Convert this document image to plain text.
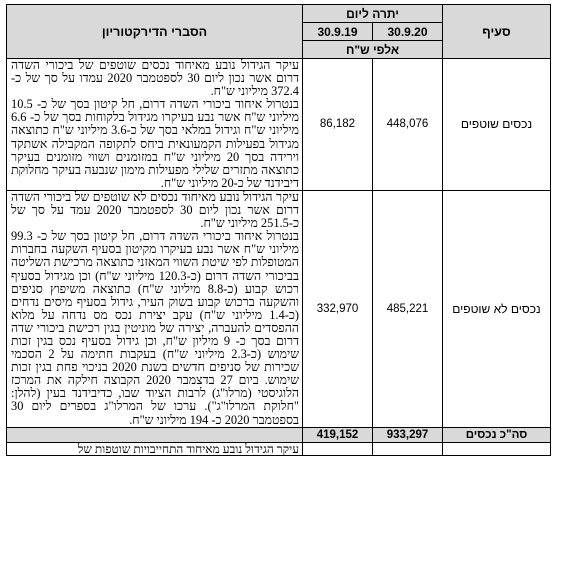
סעיף	יתרה ליום		הסברי הדירקטוריון
	30.9.20	30.9.19	
	אלפי ש"ח		
נכסים שוטפים	448,076	86,182	עיקר הגידול נובע מאיחוד נכסים שוטפים של ביכורי השדה דרום אשר נכון ליום 30 לספטמבר 2020 עמדו על סך של כ- 372.4 מיליוני ש"ח.

בנטרול איחוד ביכורי השדה דרום, חל קיטון בסך של כ- 10.5 מיליוני ש"ח אשר נבע בעיקרו מגידול בלקוחות בסך של כ- 6.6 מיליוני ש"ח וגידול במלאי בסך של כ-3.6 מיליוני ש"ח כתוצאה מגידול בפעילות הקמעונאית ביחס לתקופה המקבילה אשתקד וירידה בסך 20 מיליוני ש"ח במזומנים ושווי מזומנים בעיקר כתוצאה מתזרים שלילי מפעילות מימון שנבעה בעיקר מחלוקת דיבידנד של כ-20 מיליוני ש"ח.

נכסים לא שוטפים	485,221	332,970	עיקר הגידול נובע מאיחוד נכסים לא שוטפים של ביכורי השדה דרום אשר נכון ליום 30 לספטמבר 2020 עמד על סך של כ-251.5 מיליוני ש"ח.

בנטרול איחוד ביכורי השדה דרום, חל קיטון בסך של כ- 99.3 מיליוני ש"ח אשר נבע בעיקרו מקיטון בסעיף השקעה בחברות המטופלות לפי שיטת השווי המאזני כתוצאה מרכישת השליטה בביכורי השדה דרום (כ-120.3 מיליוני ש"ח) וכן מגידול בסעיף רכוש קבוע (כ-8.8 מיליוני ש"ח) כתוצאה משיפוץ סניפים והשקעה ברכוש קבוע בשוק העיר, גידול בסעיף מיסים נדחים (כ-1.4 מיליוני ש"ח) עקב יצירת נכס מס נדחה על מלוא ההפסדים להעברה, יצירה של מוניטין בגין רכישת ביכורי שדה דרום בסך כ- 9 מיליון ש"ח, וכן גידול בסעיף נכס בגין זכות שימוש (כ-2.3 מיליוני ש"ח) בעקבות חתימה על 2 הסכמי שכירות של סניפים חדשים בשנת 2020 בניכוי פחת בגין זכות שימוש. ביום 27 בדצמבר 2020 הקבוצה חילקה את המרכז הלוגיסטי (מרלו"ג) לרבות הציוד שבו, כדיבידנד בעין (להלן: "חלוקת המרלו"ג"). ערכו של המרלו"ג בספרים ליום 30 בספטמבר 2020 כ- 194 מיליוני ש"ח.

סה"כ נכסים	933,297	419,152	

			עיקר הגידול נובע מאיחוד התחייבויות שוטפות של
